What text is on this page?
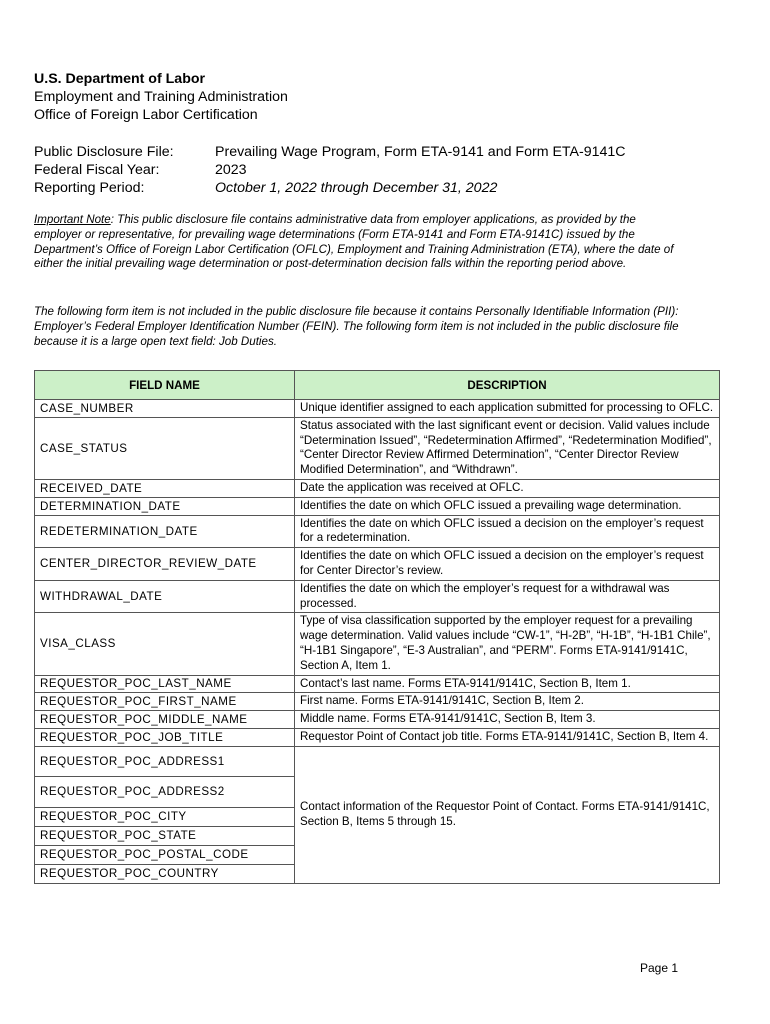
U.S. Department of Labor
Employment and Training Administration
Office of Foreign Labor Certification
Public Disclosure File:	Prevailing Wage Program, Form ETA-9141 and Form ETA-9141C
Federal Fiscal Year:	2023
Reporting Period:	October 1, 2022 through December 31, 2022

Important Note: This public disclosure file contains administrative data from employer applications, as provided by the employer or representative, for prevailing wage determinations (Form ETA-9141 and Form ETA-9141C) issued by the Department’s Office of Foreign Labor Certification (OFLC), Employment and Training Administration (ETA), where the date of either the initial prevailing wage determination or post-determination decision falls within the reporting period above.

The following form item is not included in the public disclosure file because it contains Personally Identifiable Information (PII): Employer’s Federal Employer Identification Number (FEIN). The following form item is not included in the public disclosure file because it is a large open text field: Job Duties.

FIELD NAME	DESCRIPTION
CASE_NUMBER	Unique identifier assigned to each application submitted for processing to OFLC.
CASE_STATUS	Status associated with the last significant event or decision. Valid values include “Determination Issued”, “Redetermination Affirmed”, “Redetermination Modified”, “Center Director Review Affirmed Determination”, “Center Director Review Modified Determination”, and “Withdrawn”.
RECEIVED_DATE	Date the application was received at OFLC.
DETERMINATION_DATE	Identifies the date on which OFLC issued a prevailing wage determination.
REDETERMINATION_DATE	Identifies the date on which OFLC issued a decision on the employer’s request for a redetermination.
CENTER_DIRECTOR_REVIEW_DATE	Identifies the date on which OFLC issued a decision on the employer’s request for Center Director’s review.
WITHDRAWAL_DATE	Identifies the date on which the employer’s request for a withdrawal was processed.
VISA_CLASS	Type of visa classification supported by the employer request for a prevailing wage determination. Valid values include “CW-1”, “H-2B”, “H-1B”, “H-1B1 Chile”, “H-1B1 Singapore”, “E-3 Australian”, and “PERM”. Forms ETA-9141/9141C, Section A, Item 1.
REQUESTOR_POC_LAST_NAME	Contact’s last name. Forms ETA-9141/9141C, Section B, Item 1.
REQUESTOR_POC_FIRST_NAME	First name. Forms ETA-9141/9141C, Section B, Item 2.
REQUESTOR_POC_MIDDLE_NAME	Middle name. Forms ETA-9141/9141C, Section B, Item 3.
REQUESTOR_POC_JOB_TITLE	Requestor Point of Contact job title. Forms ETA-9141/9141C, Section B, Item 4.
REQUESTOR_POC_ADDRESS1	Contact information of the Requestor Point of Contact. Forms ETA-9141/9141C, Section B, Items 5 through 15.
REQUESTOR_POC_ADDRESS2	
REQUESTOR_POC_CITY	
REQUESTOR_POC_STATE	
REQUESTOR_POC_POSTAL_CODE	
REQUESTOR_POC_COUNTRY	
Page 1
